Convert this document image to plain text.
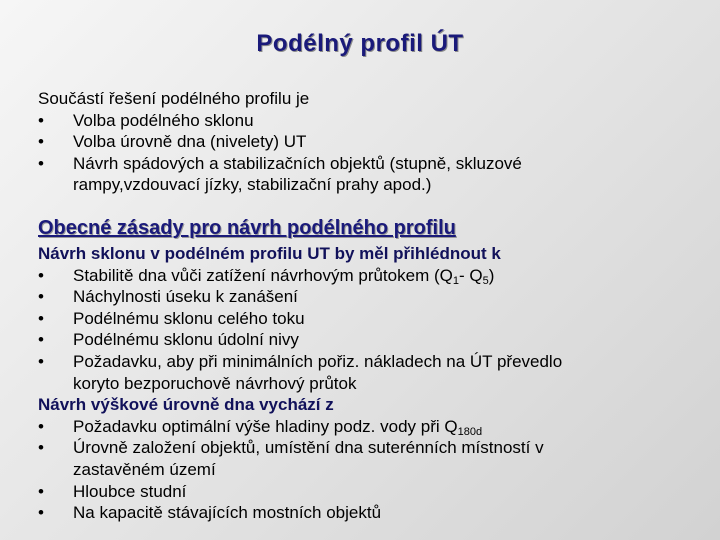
Podélný profil ÚT
Součástí řešení podélného profilu je
•	Volba podélného sklonu
•	Volba úrovně dna (nivelety) UT
•	Návrh spádových a stabilizačních objektů (stupně, skluzové
rampy,vzdouvací jízky, stabilizační prahy apod.)
Obecné zásady pro návrh podélného profilu
Návrh sklonu v podélném profilu UT by měl přihlédnout k
•	Stabilitě dna vůči zatížení návrhovým průtokem ($Q_1-$ $Q_5$)
•	Náchylnosti úseku k zanášení
•	Podélnému sklonu celého toku
•	Podélnému sklonu údolní nivy
•	Požadavku, aby při minimálních pořiz. nákladech na ÚT převedlo
koryto bezporuchově návrhový průtok
Návrh výškové úrovně dna vychází z
•	Požadavku optimální výše hladiny podz. vody při $Q_{180d}$
•	Úrovně založení objektů, umístění dna suterénních místností v
zastavěném území
•	Hloubce studní
•	Na kapacitě stávajících mostních objektů
